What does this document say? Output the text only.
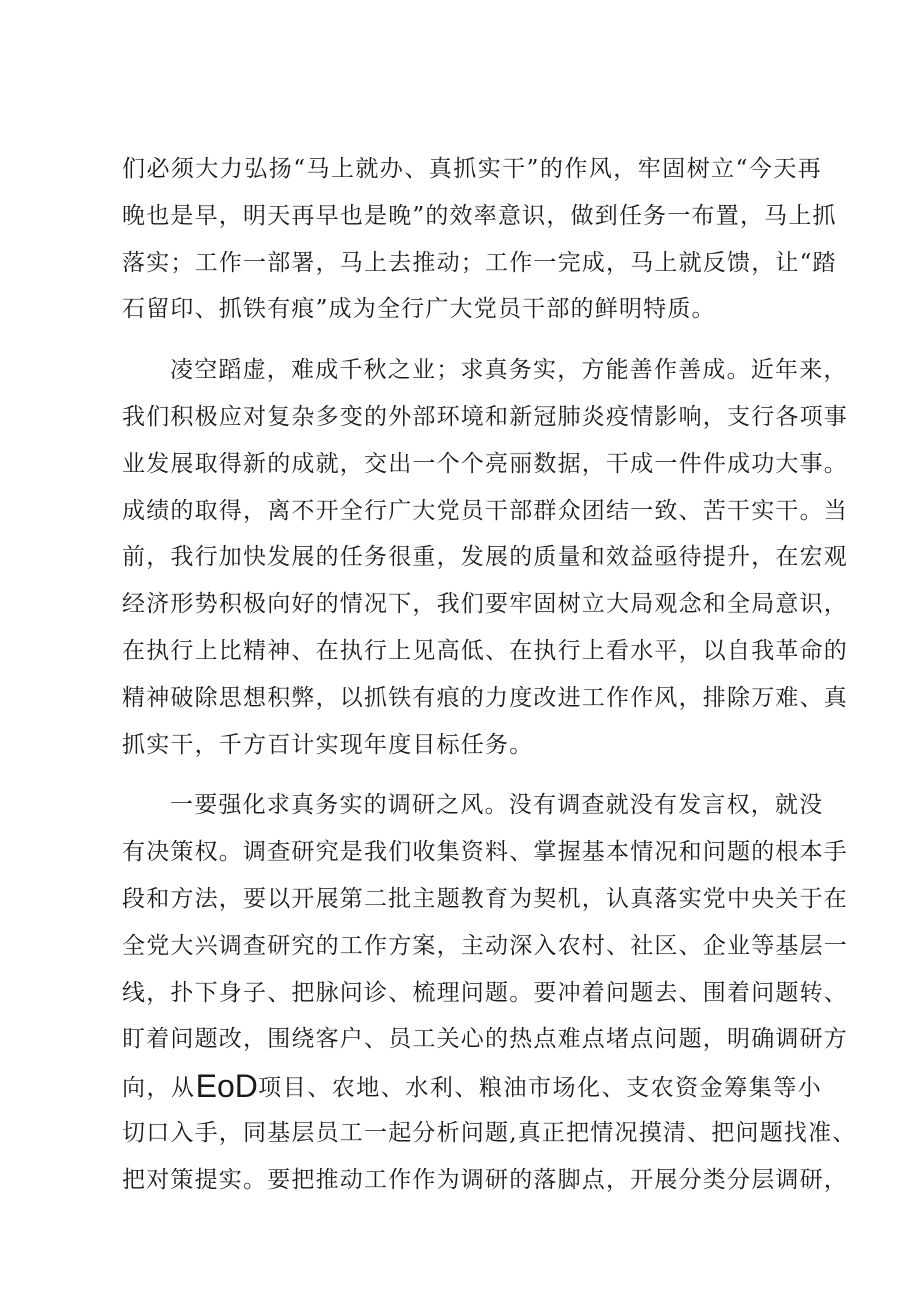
们必须大力弘扬“马上就办、真抓实干”的作风，牢固树立“今天再
晚也是早，明天再早也是晚”的效率意识，做到任务一布置，马上抓
落实；工作一部署，马上去推动；工作一完成，马上就反馈，让“踏
石留印、抓铁有痕”成为全行广大党员干部的鲜明特质。
凌空蹈虚，难成千秋之业；求真务实，方能善作善成。近年来，
我们积极应对复杂多变的外部环境和新冠肺炎疫情影响，支行各项事
业发展取得新的成就，交出一个个亮丽数据，干成一件件成功大事。
成绩的取得，离不开全行广大党员干部群众团结一致、苦干实干。当
前，我行加快发展的任务很重，发展的质量和效益亟待提升，在宏观
经济形势积极向好的情况下，我们要牢固树立大局观念和全局意识，
在执行上比精神、在执行上见高低、在执行上看水平，以自我革命的
精神破除思想积弊，以抓铁有痕的力度改进工作作风，排除万难、真
抓实干，千方百计实现年度目标任务。
一要强化求真务实的调研之风。没有调查就没有发言权，就没
有决策权。调查研究是我们收集资料、掌握基本情况和问题的根本手
段和方法，要以开展第二批主题教育为契机，认真落实党中央关于在
全党大兴调查研究的工作方案，主动深入农村、社区、企业等基层一
线，扑下身子、把脉问诊、梳理问题。要冲着问题去、围着问题转、
盯着问题改，围绕客户、员工关心的热点难点堵点问题，明确调研方
向，从EoD项目、农地、水利、粮油市场化、支农资金筹集等小
切口入手，同基层员工一起分析问题,真正把情况摸清、把问题找准、
把对策提实。要把推动工作作为调研的落脚点，开展分类分层调研，
